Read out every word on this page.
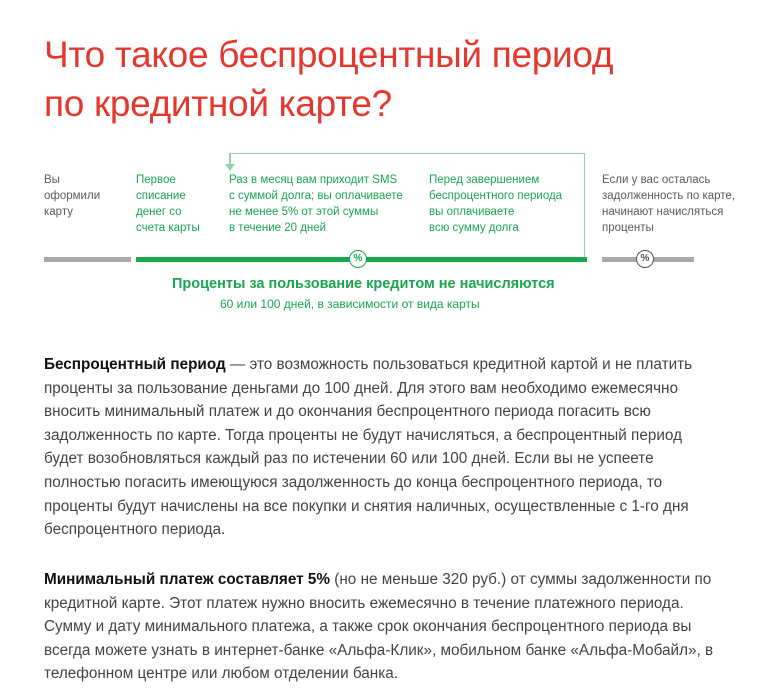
Что такое беспроцентный период
по кредитной карте?
Вы
оформили
карту
Первое
списание
денег со
счета карты
Раз в месяц вам приходит SMS
с суммой долга; вы оплачиваете
не менее 5% от этой суммы
в течение 20 дней
Перед завершением
беспроцентного периода
вы оплачиваете
всю сумму долга
Если у вас осталась
задолженность по карте,
начинают начисляться
проценты
%	%
Проценты за пользование кредитом не начисляются
60 или 100 дней, в зависимости от вида карты

Беспроцентный период — это возможность пользоваться кредитной картой и не платить проценты за пользование деньгами до 100 дней. Для этого вам необходимо ежемесячно вносить минимальный платеж и до окончания беспроцентного периода погасить всю задолженность по карте. Тогда проценты не будут начисляться, а беспроцентный период будет возобновляться каждый раз по истечении 60 или 100 дней. Если вы не успеете полностью погасить имеющуюся задолженность до конца беспроцентного периода, то проценты будут начислены на все покупки и снятия наличных, осуществленные с 1-го дня беспроцентного периода.

Минимальный платеж составляет 5% (но не меньше 320 руб.) от суммы задолженности по кредитной карте. Этот платеж нужно вносить ежемесячно в течение платежного периода. Сумму и дату минимального платежа, а также срок окончания беспроцентного периода вы всегда можете узнать в интернет-банке «Альфа-Клик», мобильном банке «Альфа-Мобайл», в телефонном центре или любом отделении банка.
